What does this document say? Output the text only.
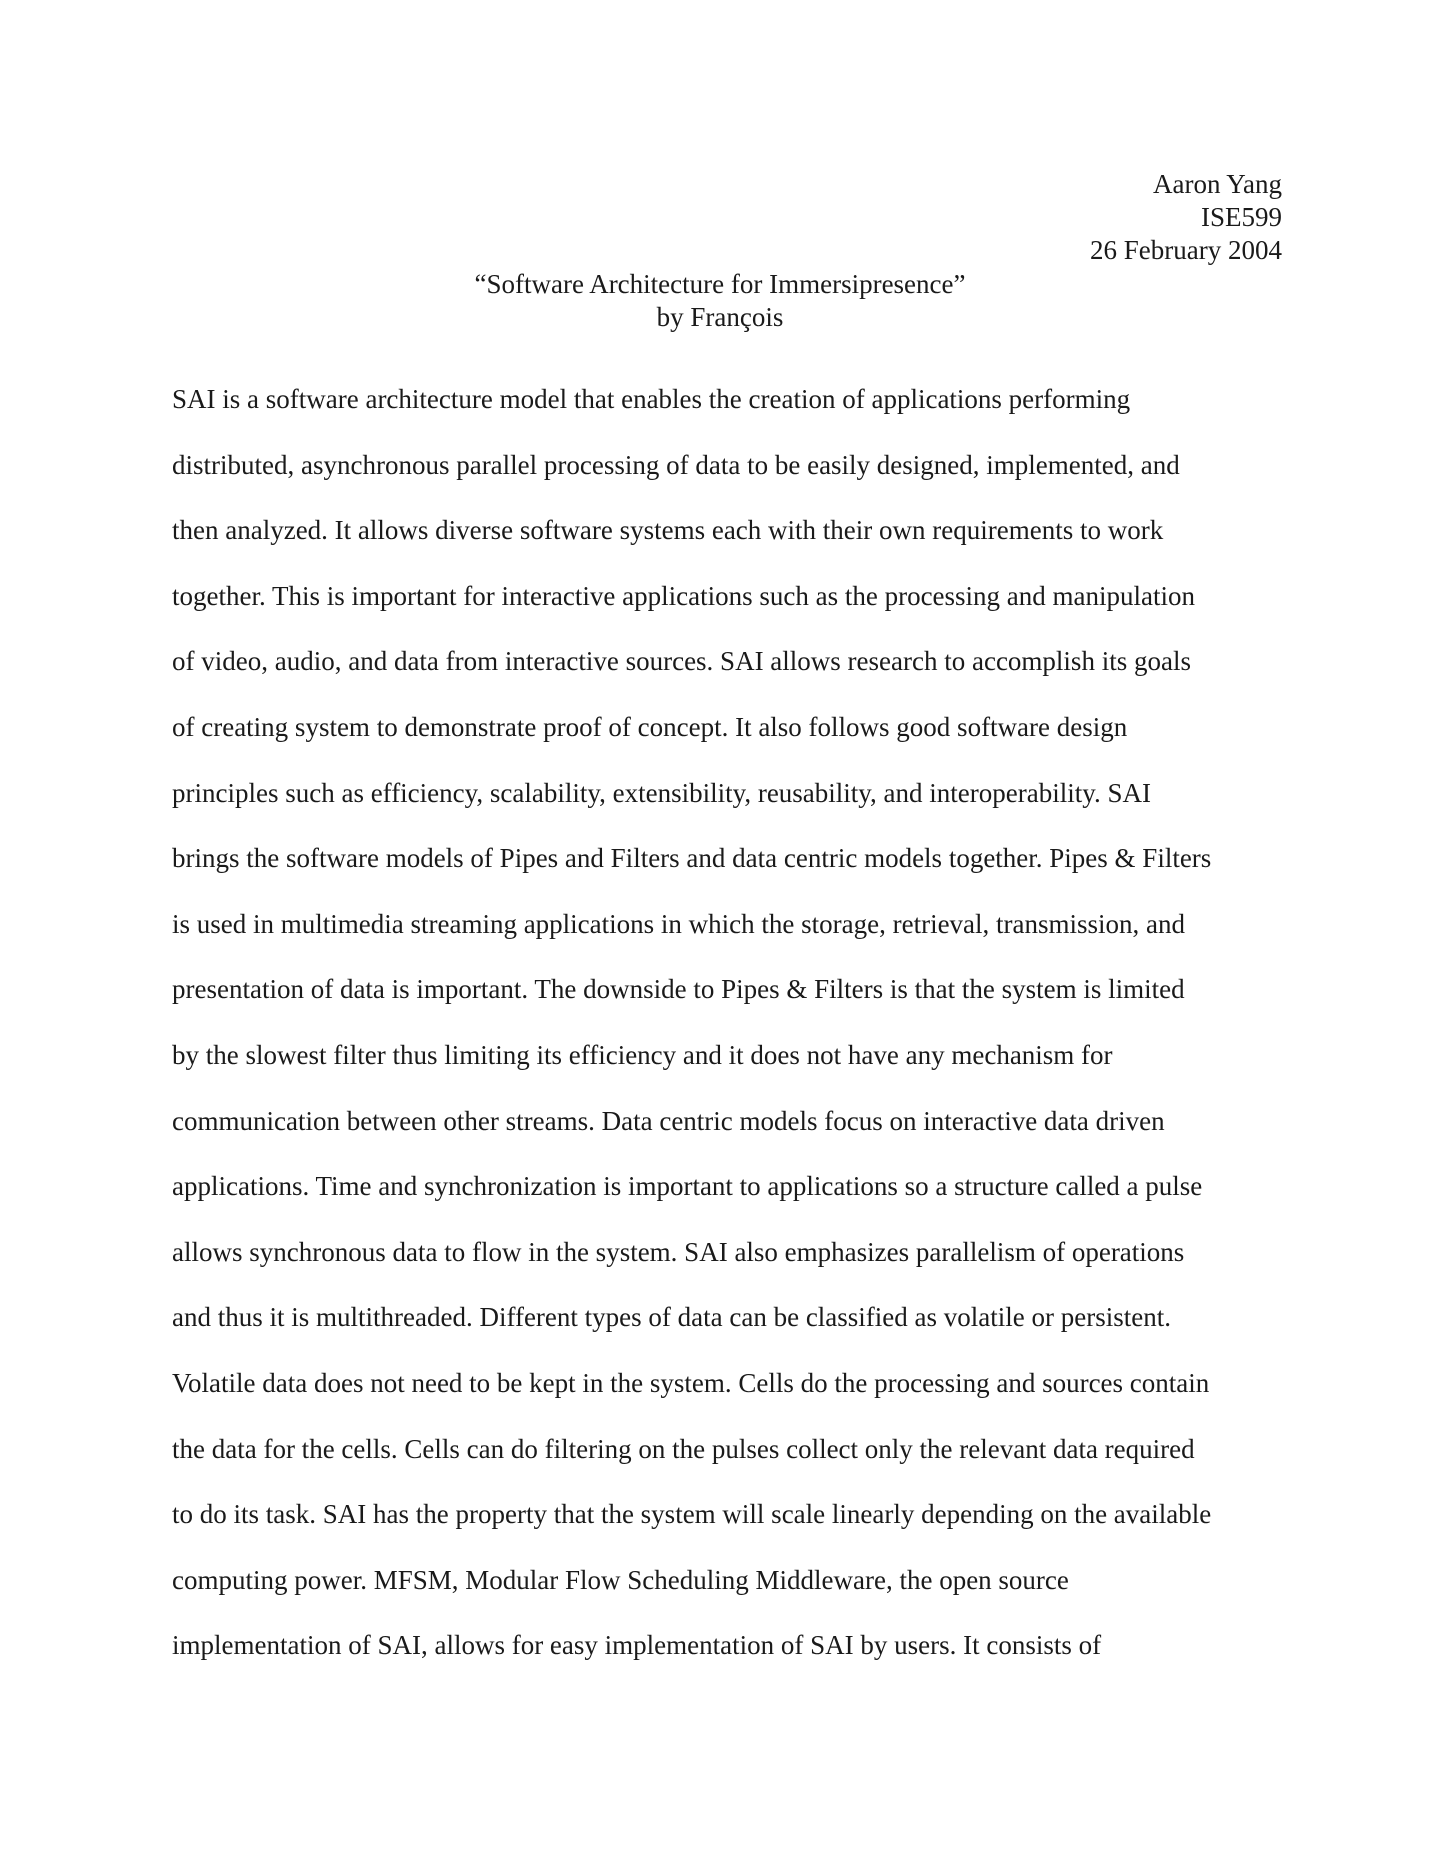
Aaron Yang
ISE599
26 February 2004
“Software Architecture for Immersipresence”
by François
SAI is a software architecture model that enables the creation of applications performing
distributed, asynchronous parallel processing of data to be easily designed, implemented, and
then analyzed. It allows diverse software systems each with their own requirements to work
together. This is important for interactive applications such as the processing and manipulation
of video, audio, and data from interactive sources. SAI allows research to accomplish its goals
of creating system to demonstrate proof of concept. It also follows good software design
principles such as efficiency, scalability, extensibility, reusability, and interoperability. SAI
brings the software models of Pipes and Filters and data centric models together. Pipes & Filters
is used in multimedia streaming applications in which the storage, retrieval, transmission, and
presentation of data is important. The downside to Pipes & Filters is that the system is limited
by the slowest filter thus limiting its efficiency and it does not have any mechanism for
communication between other streams. Data centric models focus on interactive data driven
applications. Time and synchronization is important to applications so a structure called a pulse
allows synchronous data to flow in the system. SAI also emphasizes parallelism of operations
and thus it is multithreaded. Different types of data can be classified as volatile or persistent.
Volatile data does not need to be kept in the system. Cells do the processing and sources contain
the data for the cells. Cells can do filtering on the pulses collect only the relevant data required
to do its task. SAI has the property that the system will scale linearly depending on the available
computing power. MFSM, Modular Flow Scheduling Middleware, the open source
implementation of SAI, allows for easy implementation of SAI by users. It consists of
